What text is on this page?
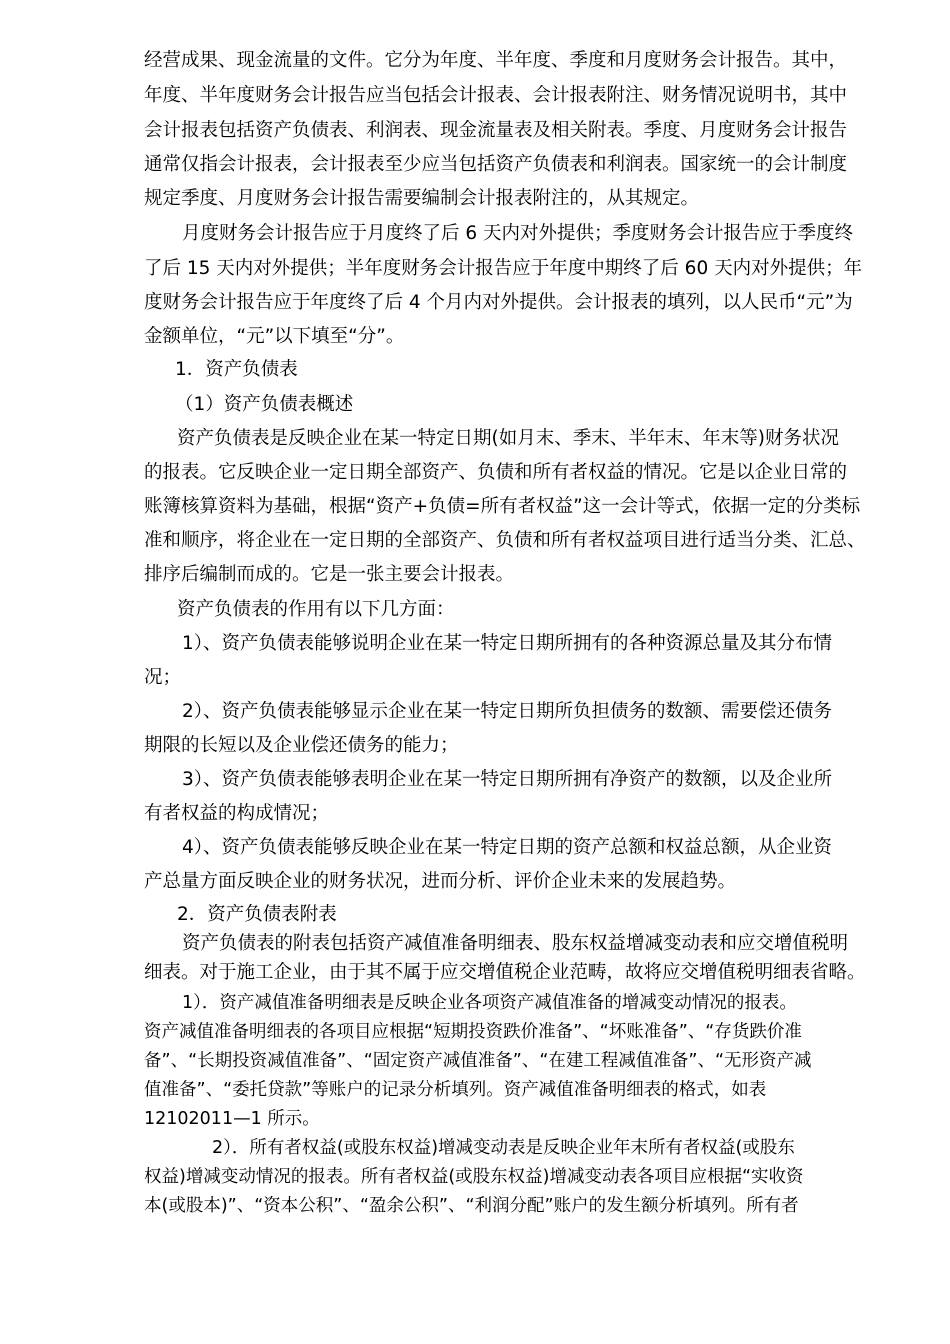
经营成果、现金流量的文件。它分为年度、半年度、季度和月度财务会计报告。其中，
年度、半年度财务会计报告应当包括会计报表、会计报表附注、财务情况说明书，其中
会计报表包括资产负债表、利润表、现金流量表及相关附表。季度、月度财务会计报告
通常仅指会计报表，会计报表至少应当包括资产负债表和利润表。国家统一的会计制度
规定季度、月度财务会计报告需要编制会计报表附注的，从其规定。
月度财务会计报告应于月度终了后 6 天内对外提供；季度财务会计报告应于季度终
了后 15 天内对外提供；半年度财务会计报告应于年度中期终了后 60 天内对外提供；年
度财务会计报告应于年度终了后 4 个月内对外提供。会计报表的填列，以人民币“元”为
金额单位，“元”以下填至“分”。
1．资产负债表
（1）资产负债表概述
资产负债表是反映企业在某一特定日期(如月末、季末、半年末、年末等)财务状况
的报表。它反映企业一定日期全部资产、负债和所有者权益的情况。它是以企业日常的
账簿核算资料为基础，根据“资产+负债=所有者权益”这一会计等式，依据一定的分类标
准和顺序，将企业在一定日期的全部资产、负债和所有者权益项目进行适当分类、汇总、
排序后编制而成的。它是一张主要会计报表。
资产负债表的作用有以下几方面：
1）、资产负债表能够说明企业在某一特定日期所拥有的各种资源总量及其分布情
况；
2）、资产负债表能够显示企业在某一特定日期所负担债务的数额、需要偿还债务
期限的长短以及企业偿还债务的能力；
3）、资产负债表能够表明企业在某一特定日期所拥有净资产的数额，以及企业所
有者权益的构成情况；
4）、资产负债表能够反映企业在某一特定日期的资产总额和权益总额，从企业资
产总量方面反映企业的财务状况，进而分析、评价企业未来的发展趋势。
2．资产负债表附表
资产负债表的附表包括资产减值准备明细表、股东权益增减变动表和应交增值税明
细表。对于施工企业，由于其不属于应交增值税企业范畴，故将应交增值税明细表省略。
1）．资产减值准备明细表是反映企业各项资产减值准备的增减变动情况的报表。
资产减值准备明细表的各项目应根据“短期投资跌价准备”、“坏账准备”、“存货跌价准
备”、“长期投资减值准备”、“固定资产减值准备”、“在建工程减值准备”、“无形资产减
值准备”、“委托贷款”等账户的记录分析填列。资产减值准备明细表的格式，如表
12102011—1 所示。
2）．所有者权益(或股东权益)增减变动表是反映企业年末所有者权益(或股东
权益)增减变动情况的报表。所有者权益(或股东权益)增减变动表各项目应根据“实收资
本(或股本)”、“资本公积”、“盈余公积”、“利润分配”账户的发生额分析填列。所有者
